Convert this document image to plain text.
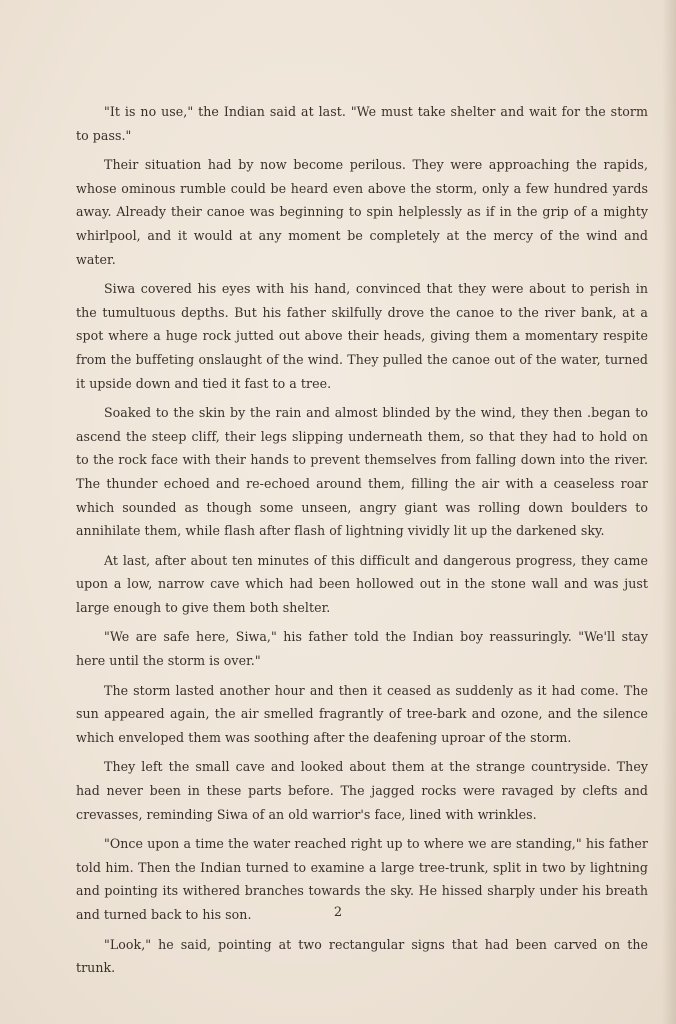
"It is no use," the Indian said at last. "We must take shelter and wait for the storm to pass."

Their situation had by now become perilous. They were approaching the rapids, whose ominous rumble could be heard even above the storm, only a few hundred yards away. Already their canoe was beginning to spin helplessly as if in the grip of a mighty whirlpool, and it would at any moment be completely at the mercy of the wind and water.

Siwa covered his eyes with his hand, convinced that they were about to perish in the tumultuous depths. But his father skilfully drove the canoe to the river bank, at a spot where a huge rock jutted out above their heads, giving them a momentary respite from the buffeting onslaught of the wind. They pulled the canoe out of the water, turned it upside down and tied it fast to a tree.

Soaked to the skin by the rain and almost blinded by the wind, they then .began to ascend the steep cliff, their legs slipping underneath them, so that they had to hold on to the rock face with their hands to prevent themselves from falling down into the river. The thunder echoed and re-echoed around them, filling the air with a ceaseless roar which sounded as though some unseen, angry giant was rolling down boulders to annihilate them, while flash after flash of lightning vividly lit up the darkened sky.

At last, after about ten minutes of this difficult and dangerous progress, they came upon a low, narrow cave which had been hollowed out in the stone wall and was just large enough to give them both shelter.

"We are safe here, Siwa," his father told the Indian boy reassuringly. "We'll stay here until the storm is over."

The storm lasted another hour and then it ceased as suddenly as it had come. The sun appeared again, the air smelled fragrantly of tree-bark and ozone, and the silence which enveloped them was soothing after the deafening uproar of the storm.

They left the small cave and looked about them at the strange countryside. They had never been in these parts before. The jagged rocks were ravaged by clefts and crevasses, reminding Siwa of an old warrior's face, lined with wrinkles.

"Once upon a time the water reached right up to where we are standing," his father told him. Then the Indian turned to examine a large tree-trunk, split in two by lightning and pointing its withered branches towards the sky. He hissed sharply under his breath and turned back to his son.

"Look," he said, pointing at two rectangular signs that had been carved on the trunk.

2
